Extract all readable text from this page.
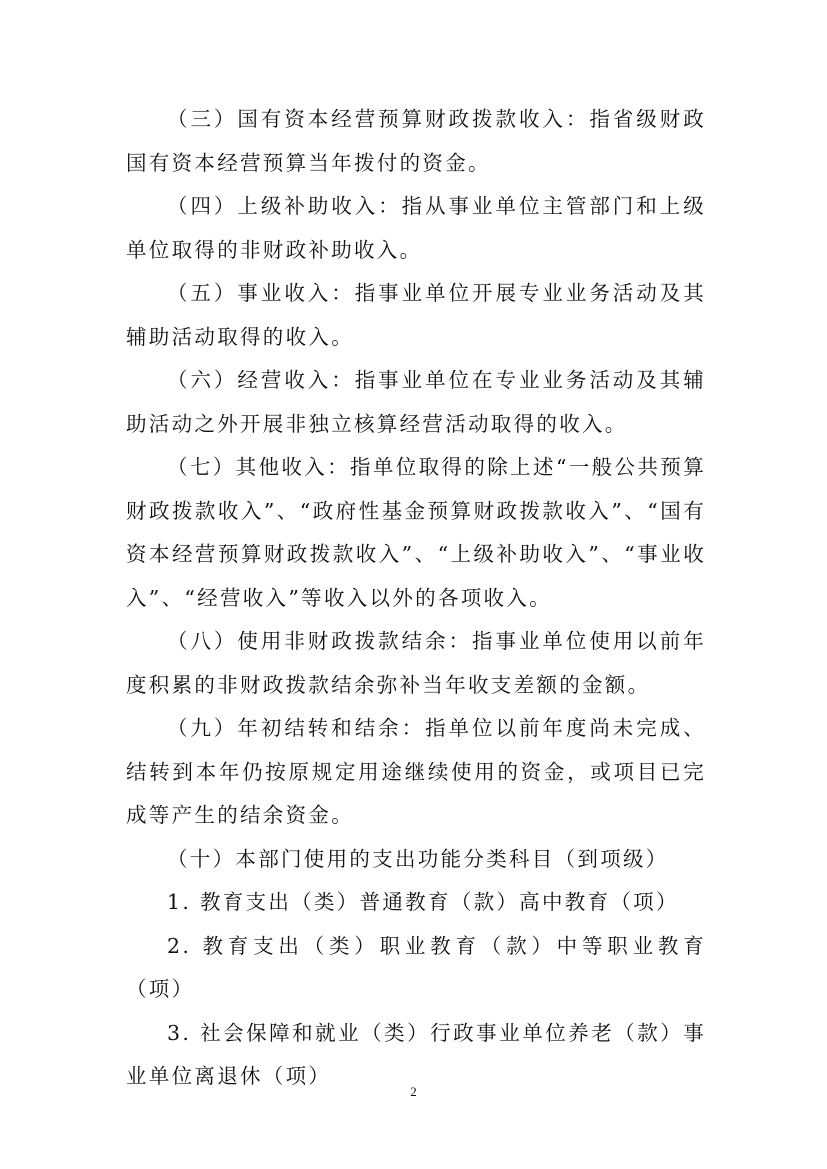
（三）国有资本经营预算财政拨款收入：指省级财政国有资本经营预算当年拨付的资金。

（四）上级补助收入：指从事业单位主管部门和上级单位取得的非财政补助收入。

（五）事业收入：指事业单位开展专业业务活动及其辅助活动取得的收入。

（六）经营收入：指事业单位在专业业务活动及其辅助活动之外开展非独立核算经营活动取得的收入。

（七）其他收入：指单位取得的除上述“一般公共预算财政拨款收入”、“政府性基金预算财政拨款收入”、“国有资本经营预算财政拨款收入”、“上级补助收入”、“事业收入”、“经营收入”等收入以外的各项收入。

（八）使用非财政拨款结余：指事业单位使用以前年度积累的非财政拨款结余弥补当年收支差额的金额。

（九）年初结转和结余：指单位以前年度尚未完成、结转到本年仍按原规定用途继续使用的资金，或项目已完成等产生的结余资金。

（十）本部门使用的支出功能分类科目（到项级）

1. 教育支出（类）普通教育（款）高中教育（项）

2. 教育支出（类）职业教育（款）中等职业教育（项）

3. 社会保障和就业（类）行政事业单位养老（款）事业单位离退休（项）

2
